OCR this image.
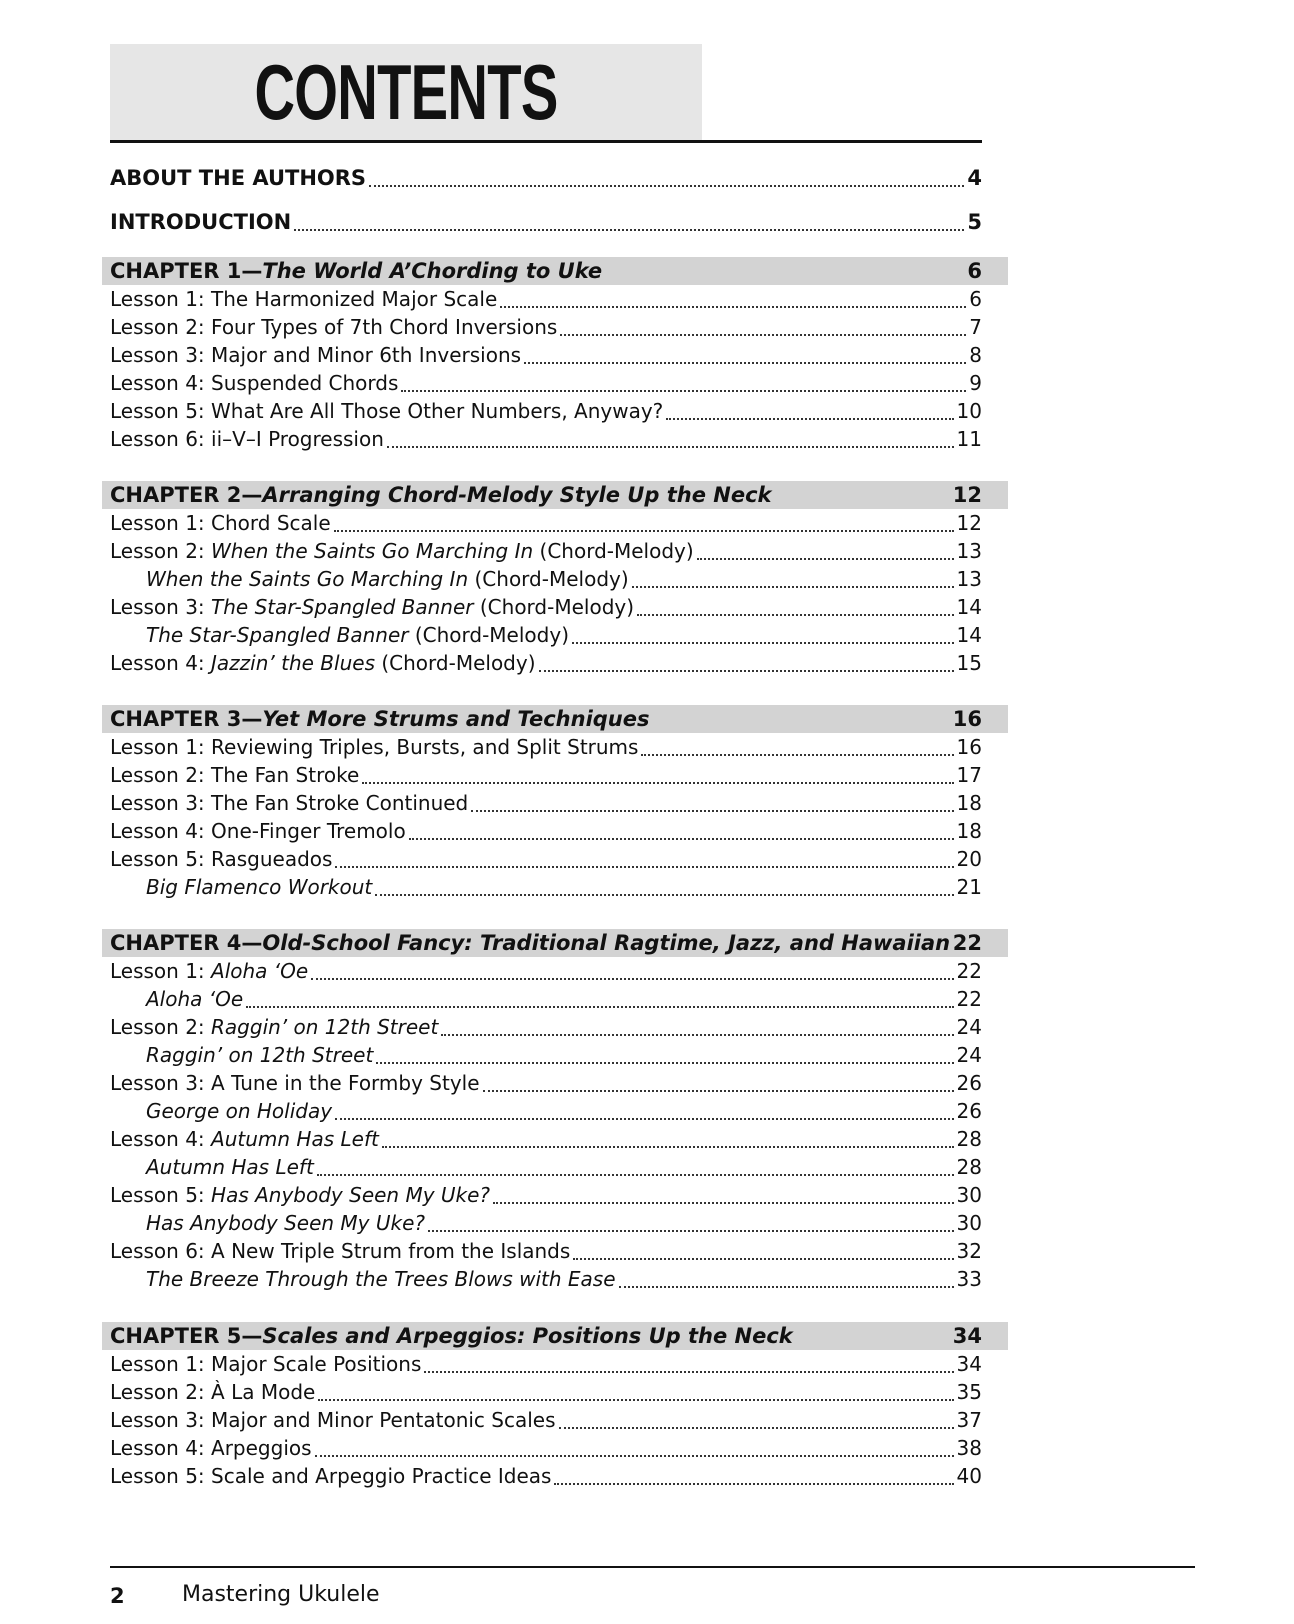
CONTENTS
ABOUT THE AUTHORS	4
INTRODUCTION	5
CHAPTER 1—The World A’Chording to Uke	6
Lesson 1: The Harmonized Major Scale	6
Lesson 2: Four Types of 7th Chord Inversions	7
Lesson 3: Major and Minor 6th Inversions	8
Lesson 4: Suspended Chords	9
Lesson 5: What Are All Those Other Numbers, Anyway?	10
Lesson 6: ii–V–I Progression	11
CHAPTER 2—Arranging Chord-Melody Style Up the Neck	12
Lesson 1: Chord Scale	12
Lesson 2: When the Saints Go Marching In (Chord-Melody)	13
When the Saints Go Marching In (Chord-Melody)	13
Lesson 3: The Star-Spangled Banner (Chord-Melody)	14
The Star-Spangled Banner (Chord-Melody)	14
Lesson 4: Jazzin’ the Blues (Chord-Melody)	15
CHAPTER 3—Yet More Strums and Techniques	16
Lesson 1: Reviewing Triples, Bursts, and Split Strums	16
Lesson 2: The Fan Stroke	17
Lesson 3: The Fan Stroke Continued	18
Lesson 4: One-Finger Tremolo	18
Lesson 5: Rasgueados	20
Big Flamenco Workout	21
CHAPTER 4—Old-School Fancy: Traditional Ragtime, Jazz, and Hawaiian 22
Lesson 1: Aloha ‘Oe	22
Aloha ‘Oe	22
Lesson 2: Raggin’ on 12th Street	24
Raggin’ on 12th Street	24
Lesson 3: A Tune in the Formby Style	26
George on Holiday	26
Lesson 4: Autumn Has Left	28
Autumn Has Left	28
Lesson 5: Has Anybody Seen My Uke?	30
Has Anybody Seen My Uke?	30
Lesson 6: A New Triple Strum from the Islands	32
The Breeze Through the Trees Blows with Ease	33
CHAPTER 5—Scales and Arpeggios: Positions Up the Neck	34
Lesson 1: Major Scale Positions	34
Lesson 2: À La Mode	35
Lesson 3: Major and Minor Pentatonic Scales	37
Lesson 4: Arpeggios	38
Lesson 5: Scale and Arpeggio Practice Ideas	40
2	Mastering Ukulele
